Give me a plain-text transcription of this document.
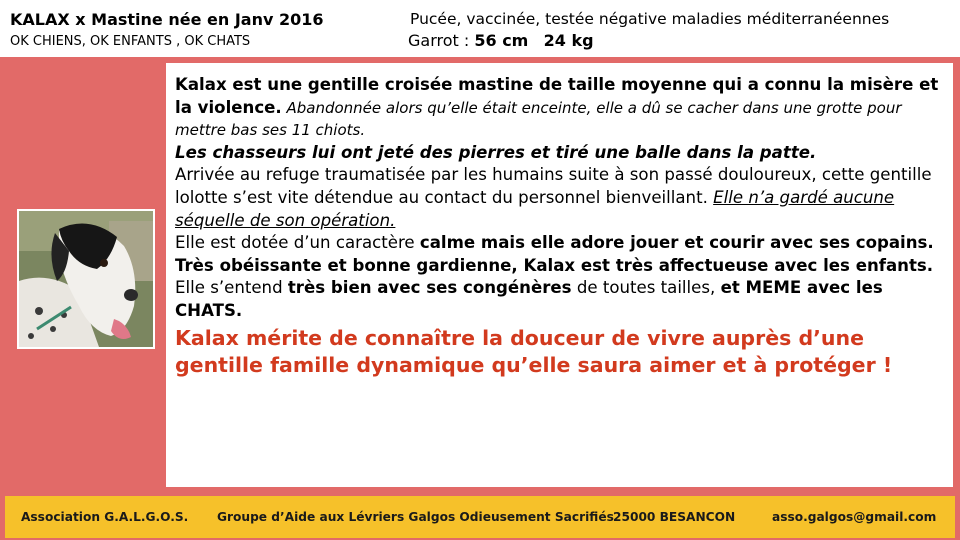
KALAX x Mastine née en Janv 2016
OK CHIENS, OK ENFANTS , OK CHATS
Pucée, vaccinée, testée négative maladies méditerranéennes
Garrot : 56 cm 24 kg

Kalax est une gentille croisée mastine de taille moyenne qui a connu la misère et la violence. Abandonnée alors qu’elle était enceinte, elle a dû se cacher dans une grotte pour mettre bas ses 11 chiots.

Les chasseurs lui ont jeté des pierres et tiré une balle dans la patte.

Arrivée au refuge traumatisée par les humains suite à son passé douloureux, cette gentille lolotte s’est vite détendue au contact du personnel bienveillant. Elle n’a gardé aucune séquelle de son opération.

Elle est dotée d’un caractère calme mais elle adore jouer et courir avec ses copains.

Très obéissante et bonne gardienne, Kalax est très affectueuse avec les enfants.

Elle s’entend très bien avec ses congénères de toutes tailles, et MEME avec les CHATS.

Kalax mérite de connaître la douceur de vivre auprès d’une gentille famille dynamique qu’elle saura aimer et à protéger !

Association G.A.L.G.O.S. Groupe d’Aide aux Lévriers Galgos Odieusement Sacrifiés 25000 BESANCON	asso.galgos@gmail.com
